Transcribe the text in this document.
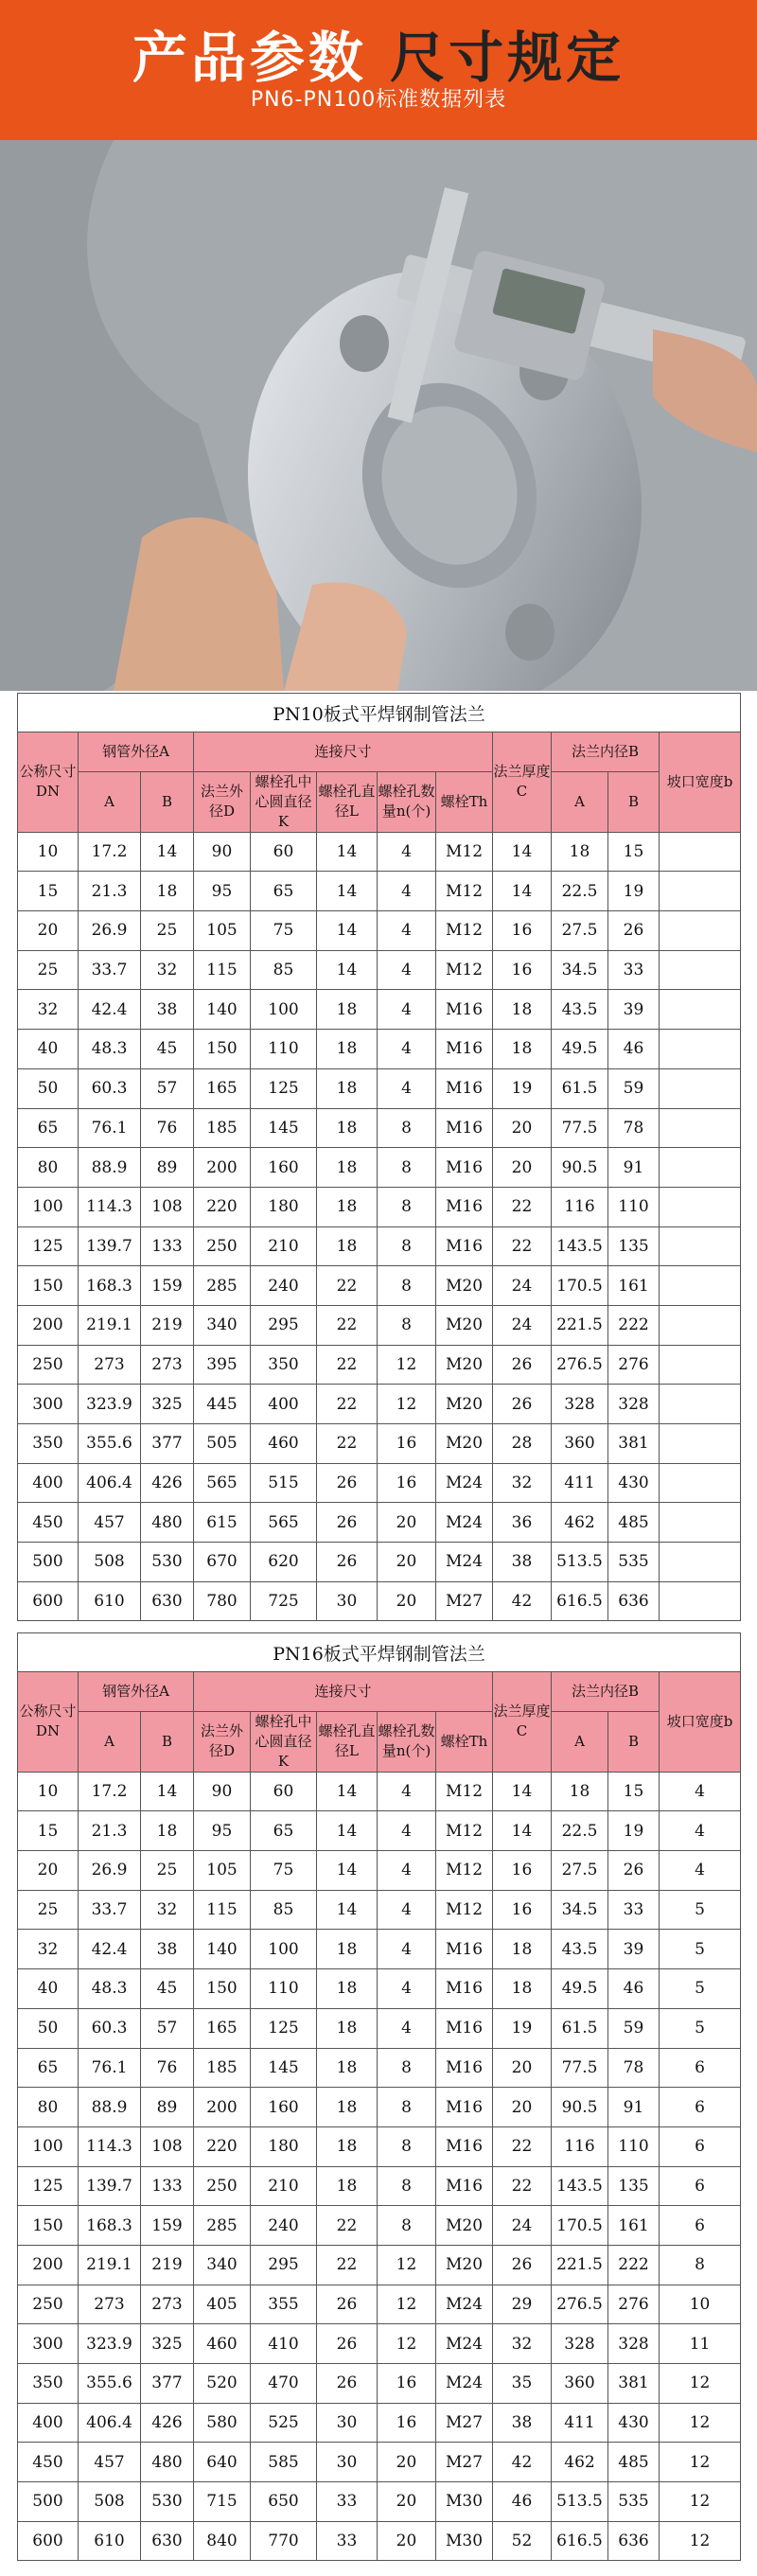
产品参数 尺寸规定
PN6-PN100标准数据列表
PN10板式平焊钢制管法兰											
公称尺寸DN	钢管外径A		连接尺寸					法兰厚度C	法兰内径B		坡口宽度b
			法兰外径D	螺栓孔中心圆直径K	螺栓孔直径L	螺栓孔数量n(个)	螺栓Th				
	A	B							A	B	
10	17.2	14	90	60	14	4	M12	14	18	15	
15	21.3	18	95	65	14	4	M12	14	22.5	19	
20	26.9	25	105	75	14	4	M12	16	27.5	26	
25	33.7	32	115	85	14	4	M12	16	34.5	33	
32	42.4	38	140	100	18	4	M16	18	43.5	39	
40	48.3	45	150	110	18	4	M16	18	49.5	46	
50	60.3	57	165	125	18	4	M16	19	61.5	59	
65	76.1	76	185	145	18	8	M16	20	77.5	78	
80	88.9	89	200	160	18	8	M16	20	90.5	91	
100	114.3	108	220	180	18	8	M16	22	116	110	
125	139.7	133	250	210	18	8	M16	22	143.5	135	
150	168.3	159	285	240	22	8	M20	24	170.5	161	
200	219.1	219	340	295	22	8	M20	24	221.5	222	
250	273	273	395	350	22	12	M20	26	276.5	276	
300	323.9	325	445	400	22	12	M20	26	328	328	
350	355.6	377	505	460	22	16	M20	28	360	381	
400	406.4	426	565	515	26	16	M24	32	411	430	
450	457	480	615	565	26	20	M24	36	462	485	
500	508	530	670	620	26	20	M24	38	513.5	535	
600	610	630	780	725	30	20	M27	42	616.5	636	
PN16板式平焊钢制管法兰											
公称尺寸DN	钢管外径A		连接尺寸					法兰厚度C	法兰内径B		坡口宽度b
			法兰外径D	螺栓孔中心圆直径K	螺栓孔直径L	螺栓孔数量n(个)	螺栓Th				
	A	B							A	B	
10	17.2	14	90	60	14	4	M12	14	18	15	4
15	21.3	18	95	65	14	4	M12	14	22.5	19	4
20	26.9	25	105	75	14	4	M12	16	27.5	26	4
25	33.7	32	115	85	14	4	M12	16	34.5	33	5
32	42.4	38	140	100	18	4	M16	18	43.5	39	5
40	48.3	45	150	110	18	4	M16	18	49.5	46	5
50	60.3	57	165	125	18	4	M16	19	61.5	59	5
65	76.1	76	185	145	18	8	M16	20	77.5	78	6
80	88.9	89	200	160	18	8	M16	20	90.5	91	6
100	114.3	108	220	180	18	8	M16	22	116	110	6
125	139.7	133	250	210	18	8	M16	22	143.5	135	6
150	168.3	159	285	240	22	8	M20	24	170.5	161	6
200	219.1	219	340	295	22	12	M20	26	221.5	222	8
250	273	273	405	355	26	12	M24	29	276.5	276	10
300	323.9	325	460	410	26	12	M24	32	328	328	11
350	355.6	377	520	470	26	16	M24	35	360	381	12
400	406.4	426	580	525	30	16	M27	38	411	430	12
450	457	480	640	585	30	20	M27	42	462	485	12
500	508	530	715	650	33	20	M30	46	513.5	535	12
600	610	630	840	770	33	20	M30	52	616.5	636	12
